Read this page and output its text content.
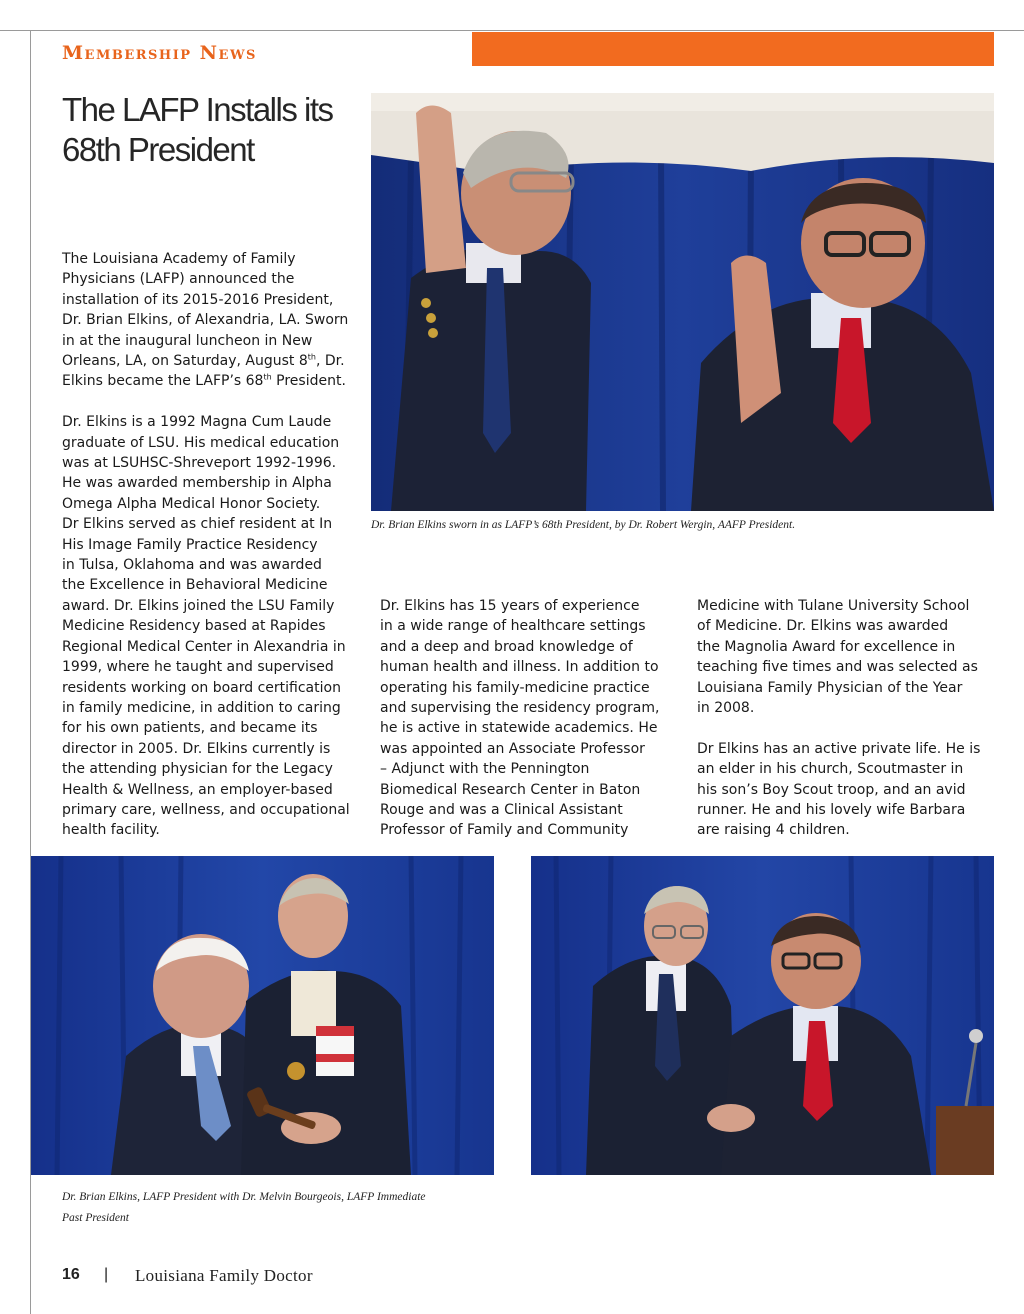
Membership News
The LAFP Installs its 68th President

The Louisiana Academy of Family

Physicians (LAFP) announced the

installation of its 2015-2016 President,

Dr. Brian Elkins, of Alexandria, LA. Sworn

in at the inaugural luncheon in New

Orleans, LA, on Saturday, August 8th, Dr.

Elkins became the LAFP’s 68th President.

Dr. Elkins is a 1992 Magna Cum Laude

graduate of LSU. His medical education

was at LSUHSC-Shreveport 1992-1996.

He was awarded membership in Alpha

Omega Alpha Medical Honor Society.

Dr Elkins served as chief resident at In

His Image Family Practice Residency

in Tulsa, Oklahoma and was awarded

the Excellence in Behavioral Medicine

award. Dr. Elkins joined the LSU Family

Medicine Residency based at Rapides

Regional Medical Center in Alexandria in

1999, where he taught and supervised

residents working on board certification

in family medicine, in addition to caring

for his own patients, and became its

director in 2005. Dr. Elkins currently is

the attending physician for the Legacy

Health & Wellness, an employer-based

primary care, wellness, and occupational

health facility.

Dr. Elkins has 15 years of experience

in a wide range of healthcare settings

and a deep and broad knowledge of

human health and illness. In addition to

operating his family-medicine practice

and supervising the residency program,

he is active in statewide academics. He

was appointed an Associate Professor

– Adjunct with the Pennington

Biomedical Research Center in Baton

Rouge and was a Clinical Assistant

Professor of Family and Community

Medicine with Tulane University School

of Medicine. Dr. Elkins was awarded

the Magnolia Award for excellence in

teaching five times and was selected as

Louisiana Family Physician of the Year

in 2008.

Dr Elkins has an active private life. He is

an elder in his church, Scoutmaster in

his son’s Boy Scout troop, and an avid

runner. He and his lovely wife Barbara

are raising 4 children.

Dr. Brian Elkins sworn in as LAFP’s 68th President, by Dr. Robert Wergin, AAFP President.
Dr. Brian Elkins, LAFP President with Dr. Melvin Bourgeois, LAFP Immediate
Past President
16 | Louisiana Family Doctor
